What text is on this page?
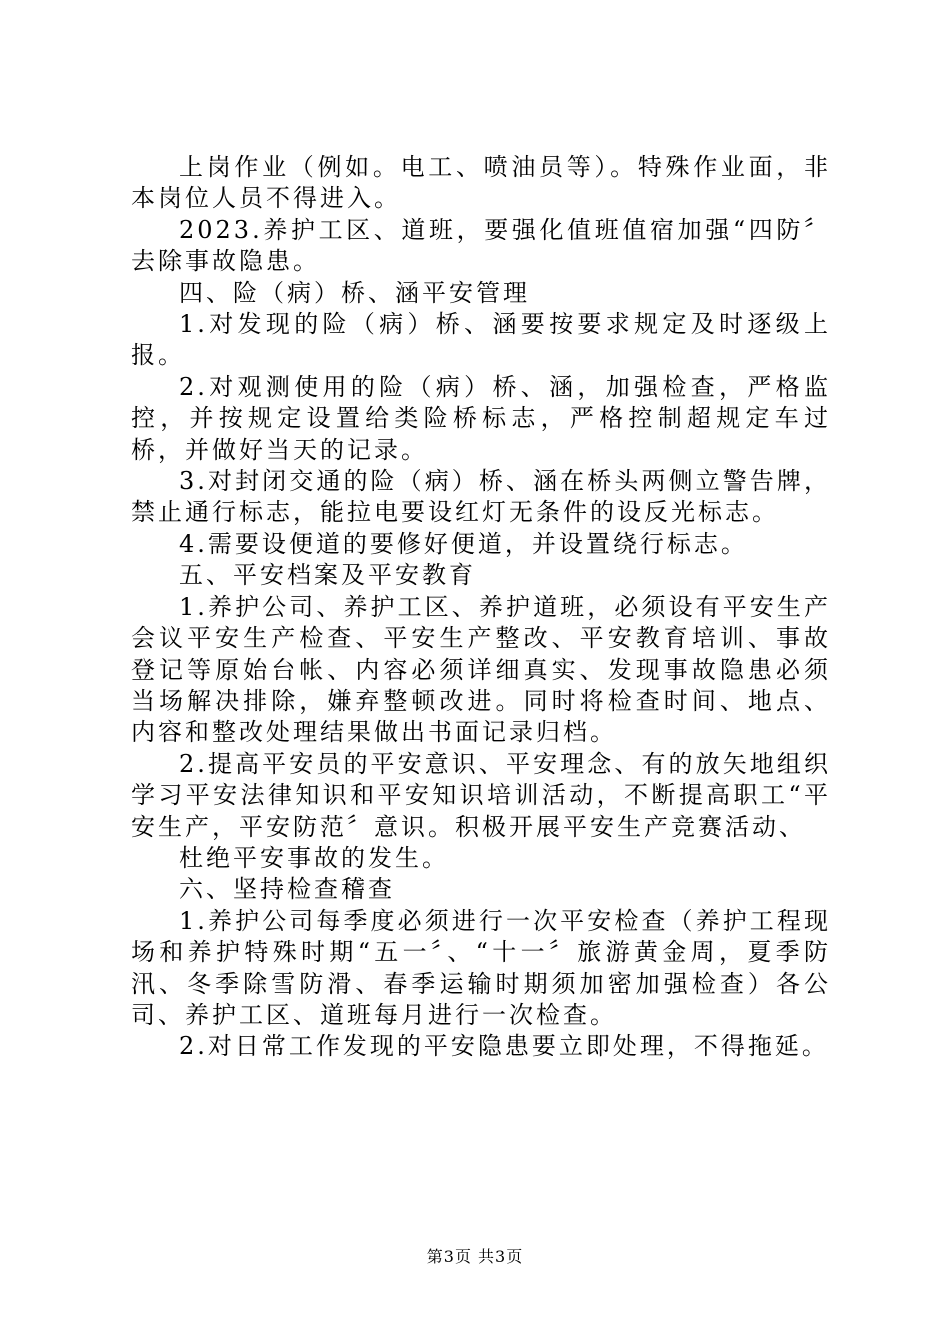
上岗作业（例如。电工、喷油员等）。特殊作业面，非本岗位人员不得进入。

2023.养护工区、道班，要强化值班值宿加强“四防〞去除事故隐患。

四、险（病）桥、涵平安管理

1.对发现的险（病）桥、涵要按要求规定及时逐级上报。

2.对观测使用的险（病）桥、涵，加强检查，严格监控，并按规定设置给类险桥标志，严格控制超规定车过桥，并做好当天的记录。

3.对封闭交通的险（病）桥、涵在桥头两侧立警告牌，禁止通行标志，能拉电要设红灯无条件的设反光标志。

4.需要设便道的要修好便道，并设置绕行标志。

五、平安档案及平安教育

1.养护公司、养护工区、养护道班，必须设有平安生产会议平安生产检查、平安生产整改、平安教育培训、事故登记等原始台帐、内容必须详细真实、发现事故隐患必须当场解决排除，嫌弃整顿改进。同时将检查时间、地点、内容和整改处理结果做出书面记录归档。

2.提高平安员的平安意识、平安理念、有的放矢地组织学习平安法律知识和平安知识培训活动，不断提高职工“平安生产，平安防范〞意识。积极开展平安生产竞赛活动、

杜绝平安事故的发生。

六、坚持检查稽查

1.养护公司每季度必须进行一次平安检查（养护工程现场和养护特殊时期“五一〞、“十一〞旅游黄金周，夏季防汛、冬季除雪防滑、春季运输时期须加密加强检查）各公司、养护工区、道班每月进行一次检查。

2.对日常工作发现的平安隐患要立即处理，不得拖延。

第3页 共3页
